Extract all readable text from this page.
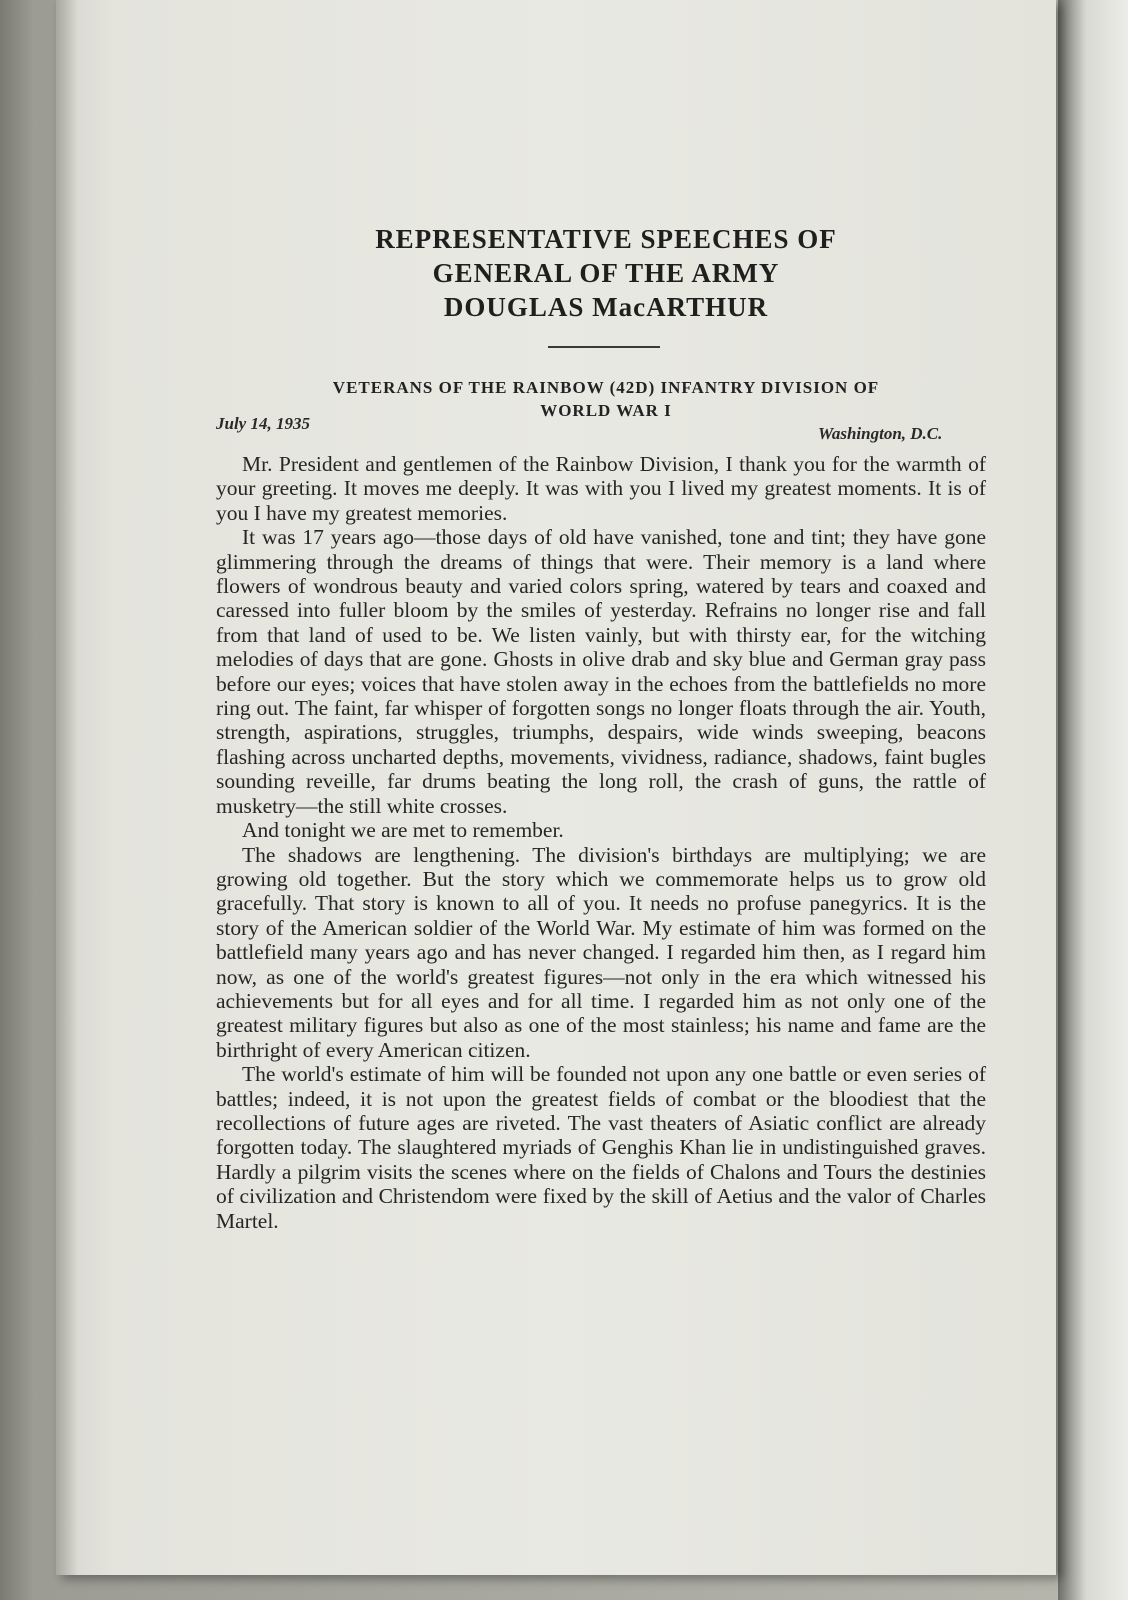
REPRESENTATIVE SPEECHES OF
GENERAL OF THE ARMY
DOUGLAS MacARTHUR
VETERANS OF THE RAINBOW (42D) INFANTRY DIVISION OF
WORLD WAR I
July 14, 1935
Washington, D.C.

Mr. President and gentlemen of the Rainbow Division, I thank you for the warmth of your greeting. It moves me deeply. It was with you I lived my greatest moments. It is of you I have my greatest memories.

It was 17 years ago—those days of old have vanished, tone and tint; they have gone glimmering through the dreams of things that were. Their memory is a land where flowers of wondrous beauty and varied colors spring, watered by tears and coaxed and caressed into fuller bloom by the smiles of yesterday. Refrains no longer rise and fall from that land of used to be. We listen vainly, but with thirsty ear, for the witching melodies of days that are gone. Ghosts in olive drab and sky blue and German gray pass before our eyes; voices that have stolen away in the echoes from the battlefields no more ring out. The faint, far whisper of forgotten songs no longer floats through the air. Youth, strength, aspirations, struggles, triumphs, despairs, wide winds sweeping, beacons flashing across uncharted depths, movements, vividness, radiance, shadows, faint bugles sounding reveille, far drums beating the long roll, the crash of guns, the rattle of musketry—the still white crosses.

And tonight we are met to remember.

The shadows are lengthening. The division's birthdays are multiplying; we are growing old together. But the story which we commemorate helps us to grow old gracefully. That story is known to all of you. It needs no profuse panegyrics. It is the story of the American soldier of the World War. My estimate of him was formed on the battlefield many years ago and has never changed. I regarded him then, as I regard him now, as one of the world's greatest figures—not only in the era which witnessed his achievements but for all eyes and for all time. I regarded him as not only one of the greatest military figures but also as one of the most stainless; his name and fame are the birthright of every American citizen.

The world's estimate of him will be founded not upon any one battle or even series of battles; indeed, it is not upon the greatest fields of combat or the bloodiest that the recollections of future ages are riveted. The vast theaters of Asiatic conflict are already forgotten today. The slaughtered myriads of Genghis Khan lie in undistinguished graves. Hardly a pilgrim visits the scenes where on the fields of Chalons and Tours the destinies of civilization and Christendom were fixed by the skill of Aetius and the valor of Charles Martel.
